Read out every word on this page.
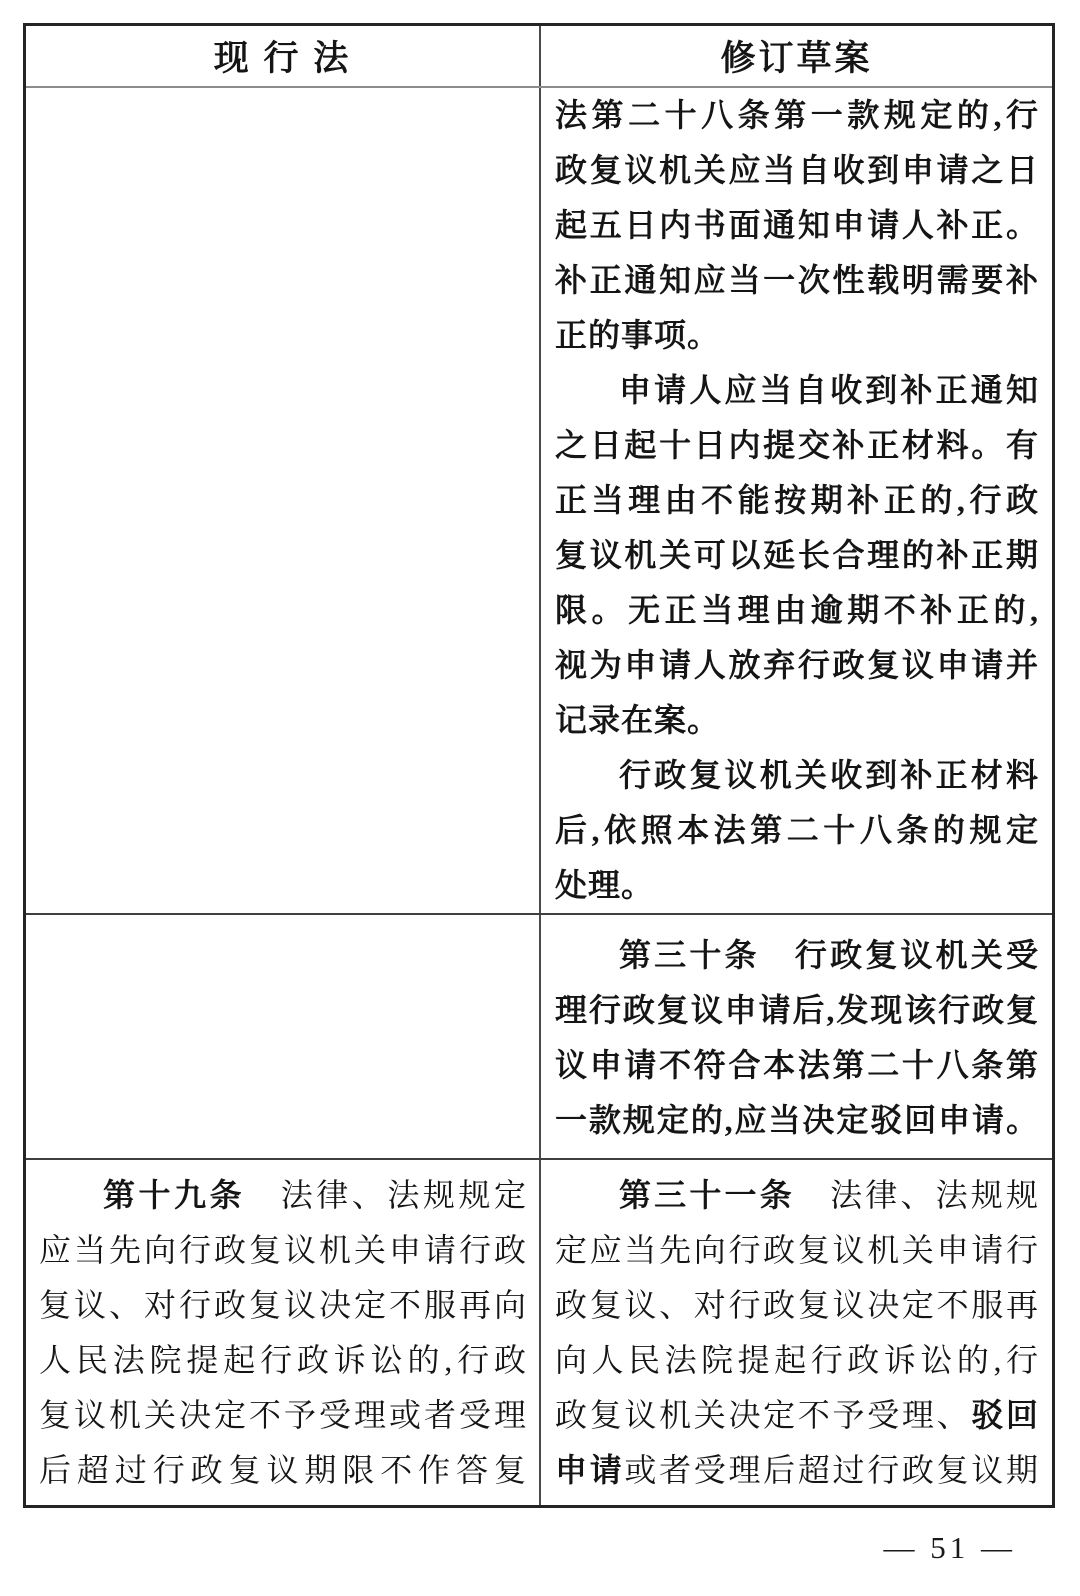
现 行 法	修订草案
法第二十八条第一款规定的,行
政复议机关应当自收到申请之日
起五日内书面通知申请人补正。
补正通知应当一次性载明需要补
正的事项。
申请人应当自收到补正通知
之日起十日内提交补正材料。有
正当理由不能按期补正的,行政
复议机关可以延长合理的补正期
限。无正当理由逾期不补正的,
视为申请人放弃行政复议申请并
记录在案。
行政复议机关收到补正材料
后,依照本法第二十八条的规定
处理。
第三十条　行政复议机关受
理行政复议申请后,发现该行政复
议申请不符合本法第二十八条第
一款规定的,应当决定驳回申请。
第十九条　法律、法规规定
应当先向行政复议机关申请行政
复议、对行政复议决定不服再向
人民法院提起行政诉讼的,行政
复议机关决定不予受理或者受理
后超过行政复议期限不作答复
第三十一条　法律、法规规
定应当先向行政复议机关申请行
政复议、对行政复议决定不服再
向人民法院提起行政诉讼的,行
政复议机关决定不予受理、驳回
申请或者受理后超过行政复议期
— 51 —
